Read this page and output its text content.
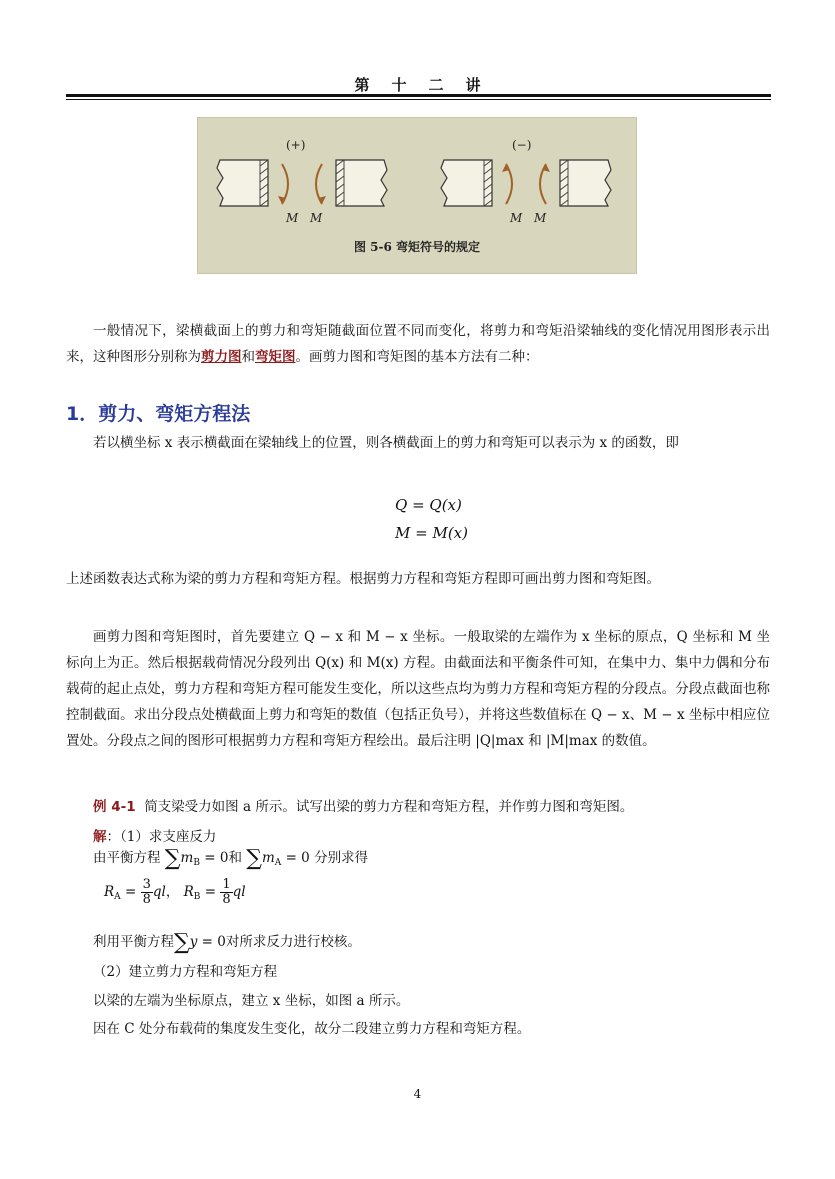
第十二讲
(+)	(−)
M M	M M
图 5-6 弯矩符号的规定

一般情况下，梁横截面上的剪力和弯矩随截面位置不同而变化，将剪力和弯矩沿梁轴线的变化情况用图形表示出来，这种图形分别称为剪力图和弯矩图。画剪力图和弯矩图的基本方法有二种：

1．剪力、弯矩方程法

若以横坐标 x 表示横截面在梁轴线上的位置，则各横截面上的剪力和弯矩可以表示为 x 的函数，即

Q = Q(x)
M = M(x)

上述函数表达式称为梁的剪力方程和弯矩方程。根据剪力方程和弯矩方程即可画出剪力图和弯矩图。

画剪力图和弯矩图时，首先要建立 Q − x 和 M − x 坐标。一般取梁的左端作为 x 坐标的原点，Q 坐标和 M 坐标向上为正。然后根据载荷情况分段列出 Q(x) 和 M(x) 方程。由截面法和平衡条件可知，在集中力、集中力偶和分布载荷的起止点处，剪力方程和弯矩方程可能发生变化，所以这些点均为剪力方程和弯矩方程的分段点。分段点截面也称控制截面。求出分段点处横截面上剪力和弯矩的数值（包括正负号），并将这些数值标在 Q − x、M − x 坐标中相应位置处。分段点之间的图形可根据剪力方程和弯矩方程绘出。最后注明 |Q|max 和 |M|max 的数值。

例 4-1 简支梁受力如图 a 所示。试写出梁的剪力方程和弯矩方程，并作剪力图和弯矩图。

解：（1）求支座反力
由平衡方程 $\sum m_B = 0$和 $\sum m_A = 0$ 分别求得
$R_A = \frac{3}{8}$ ql， $R_B = \frac{1}{8}$ ql
利用平衡方程∑y = 0对所求反力进行校核。
（2）建立剪力方程和弯矩方程
以梁的左端为坐标原点，建立 x 坐标，如图 a 所示。
因在 C 处分布载荷的集度发生变化，故分二段建立剪力方程和弯矩方程。
4
